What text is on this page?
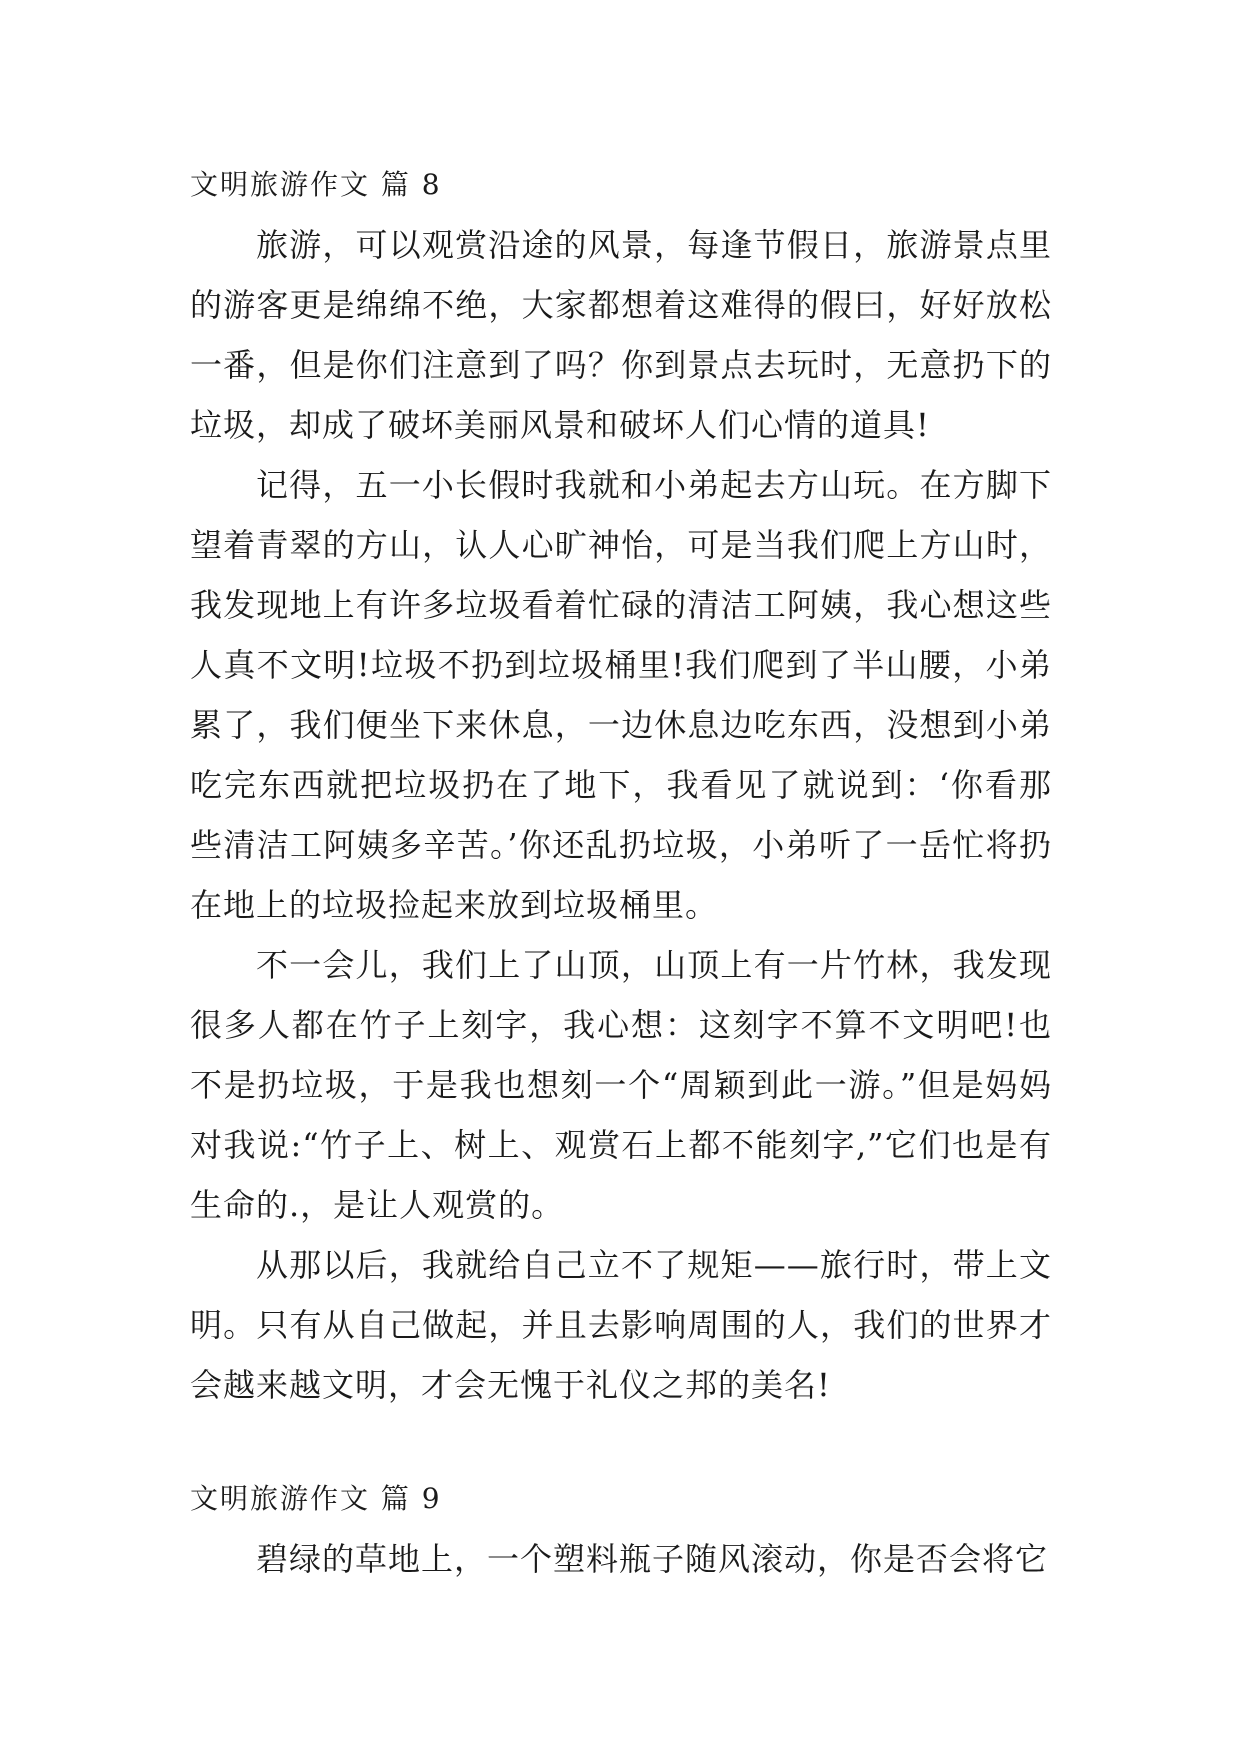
文明旅游作文 篇 8

旅游，可以观赏沿途的风景，每逢节假日，旅游景点里的游客更是绵绵不绝，大家都想着这难得的假曰，好好放松一番，但是你们注意到了吗？你到景点去玩时，无意扔下的垃圾，却成了破坏美丽风景和破坏人们心情的道具!

记得，五一小长假时我就和小弟起去方山玩。在方脚下望着青翠的方山，认人心旷神怡，可是当我们爬上方山时，我发现地上有许多垃圾看着忙碌的清洁工阿姨，我心想这些人真不文明!垃圾不扔到垃圾桶里!我们爬到了半山腰，小弟累了，我们便坐下来休息，一边休息边吃东西，没想到小弟吃完东西就把垃圾扔在了地下，我看见了就说到：‘你看那些清洁工阿姨多辛苦。’你还乱扔垃圾，小弟听了一岳忙将扔在地上的垃圾捡起来放到垃圾桶里。

不一会儿，我们上了山顶，山顶上有一片竹林，我发现很多人都在竹子上刻字，我心想：这刻字不算不文明吧!也不是扔垃圾，于是我也想刻一个“周颖到此一游。”但是妈妈对我说:“竹子上、树上、观赏石上都不能刻字,”它们也是有生命的.，是让人观赏的。

从那以后，我就给自己立不了规矩——旅行时，带上文明。只有从自己做起，并且去影响周围的人，我们的世界才会越来越文明，才会无愧于礼仪之邦的美名!

文明旅游作文 篇 9

碧绿的草地上，一个塑料瓶子随风滚动，你是否会将它
